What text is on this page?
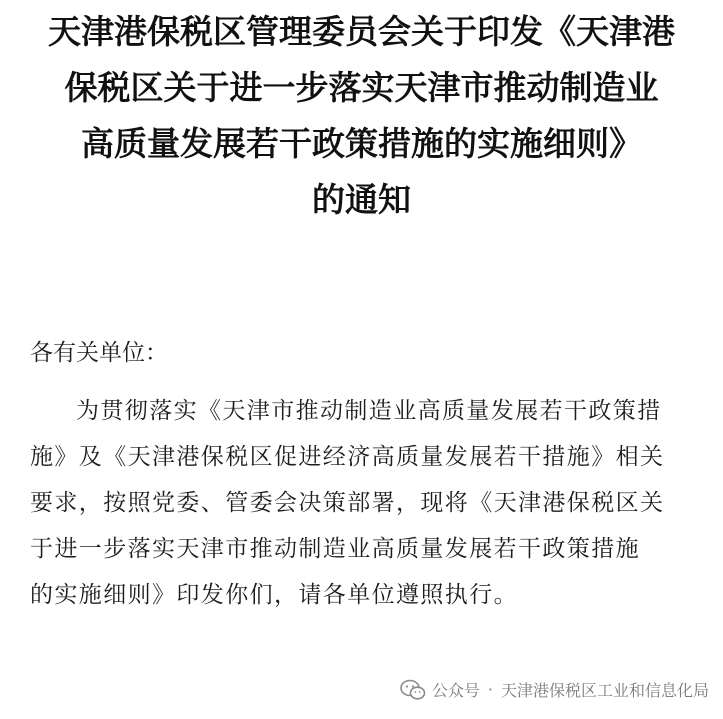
天津港保税区管理委员会关于印发《天津港
保税区关于进一步落实天津市推动制造业
高质量发展若干政策措施的实施细则》
的通知
各有关单位：
为贯彻落实《天津市推动制造业高质量发展若干政策措
施》及《天津港保税区促进经济高质量发展若干措施》相关
要求，按照党委、管委会决策部署，现将《天津港保税区关
于进一步落实天津市推动制造业高质量发展若干政策措施
的实施细则》印发你们，请各单位遵照执行。
公众号 · 天津港保税区工业和信息化局
